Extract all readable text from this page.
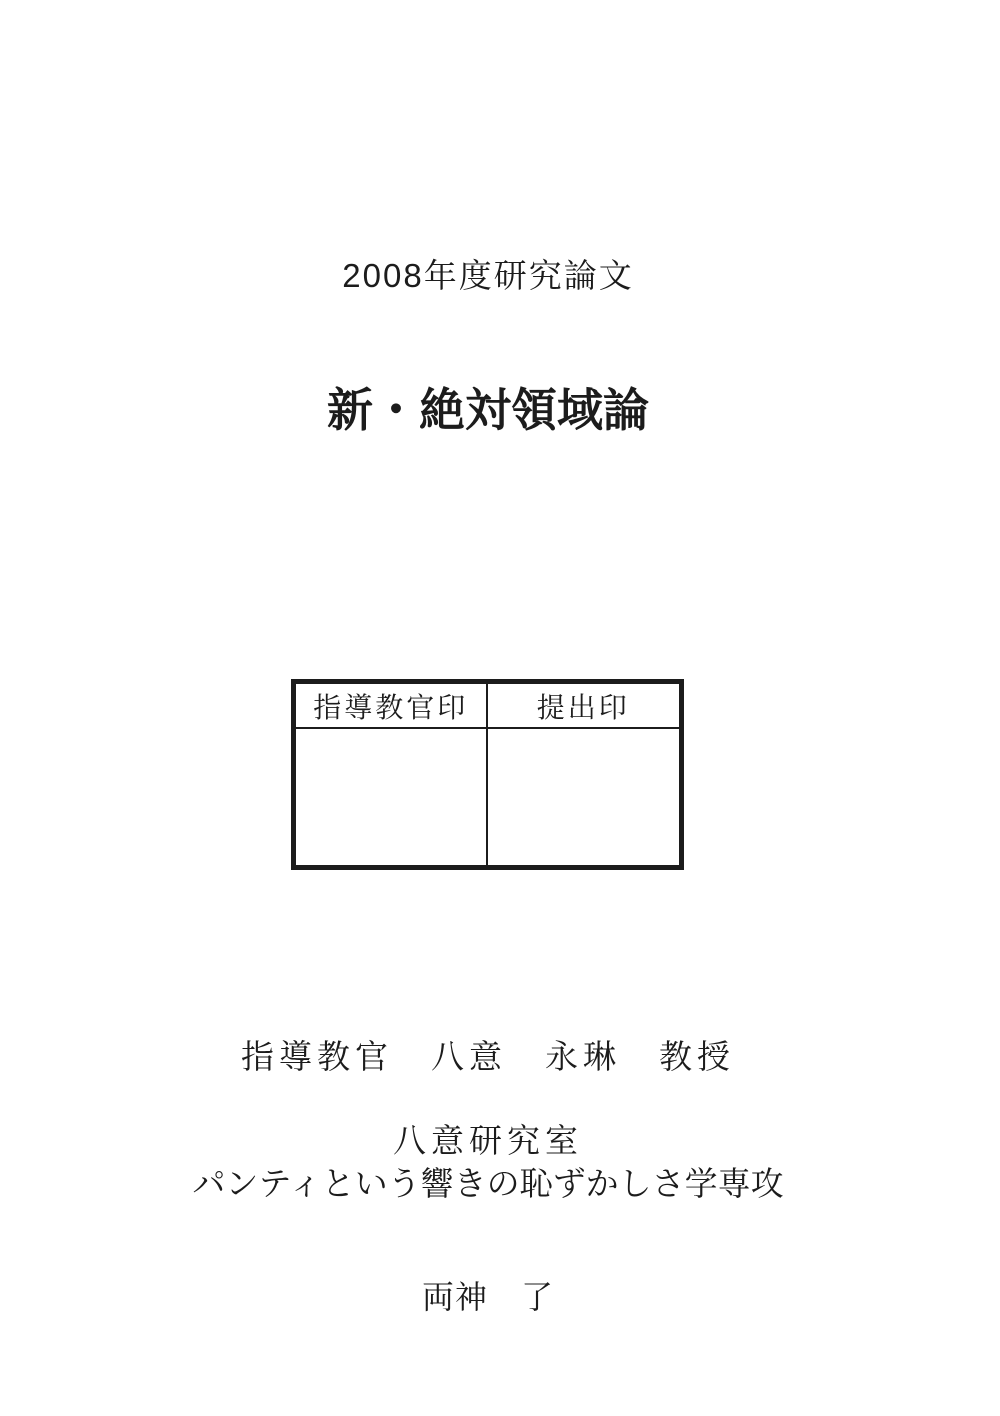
2008年度研究論文
新・絶対領域論
指導教官印	提出印
指導教官　八意　永琳　教授
八意研究室
パンティという響きの恥ずかしさ学専攻
両神　了
